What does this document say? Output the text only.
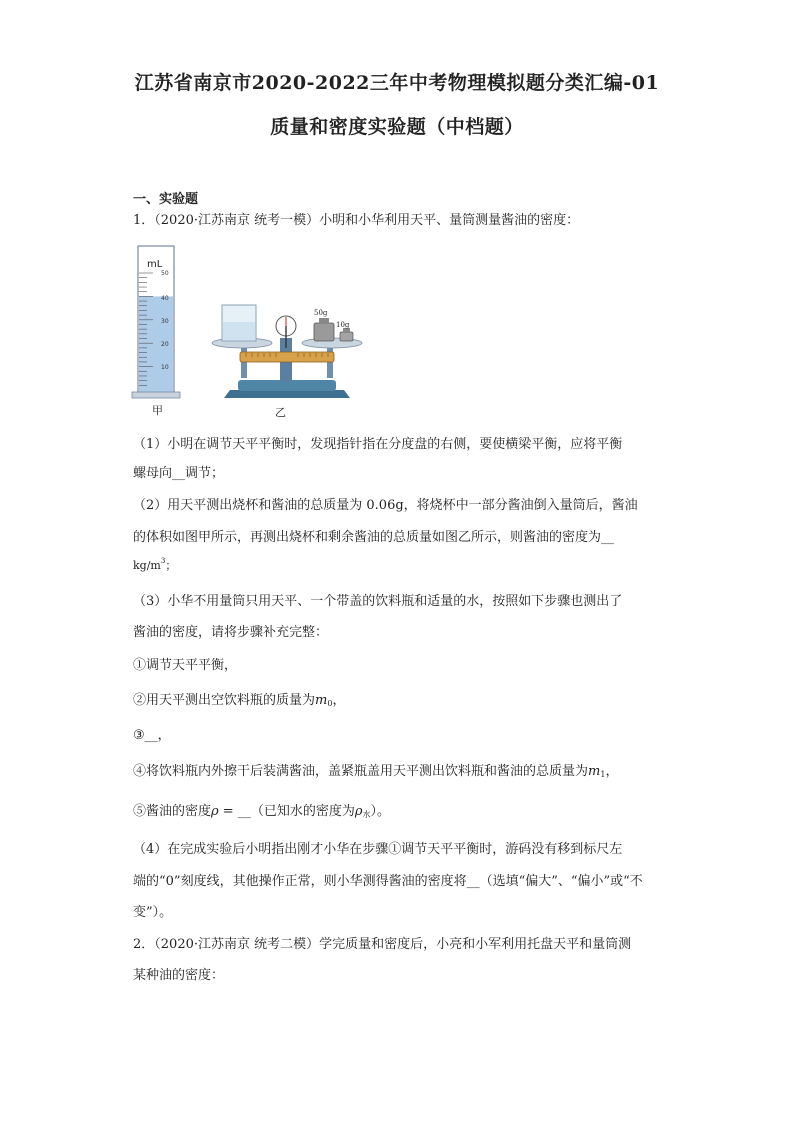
江苏省南京市2020-2022三年中考物理模拟题分类汇编-01
质量和密度实验题（中档题）
一、实验题
1．（2020·江苏南京 统考一模）小明和小华利用天平、量筒测量酱油的密度：
mL
50
40
30
20
10
50g
10g
甲	乙
（1）小明在调节天平平衡时，发现指针指在分度盘的右侧，要使横梁平衡，应将平衡
螺母向__调节；
（2）用天平测出烧杯和酱油的总质量为 0.06g，将烧杯中一部分酱油倒入量筒后，酱油
的体积如图甲所示，再测出烧杯和剩余酱油的总质量如图乙所示，则酱油的密度为__
$kg/m^3$；
（3）小华不用量筒只用天平、一个带盖的饮料瓶和适量的水，按照如下步骤也测出了
酱油的密度，请将步骤补充完整：
①调节天平平衡，
②用天平测出空饮料瓶的质量为$m_0$，
③__，
④将饮料瓶内外擦干后装满酱油，盖紧瓶盖用天平测出饮料瓶和酱油的总质量为$m_1$，
⑤酱油的密度ρ = __（已知水的密度为$\rho_水$）。
（4）在完成实验后小明指出刚才小华在步骤①调节天平平衡时，游码没有移到标尺左
端的“0”刻度线，其他操作正常，则小华测得酱油的密度将__（选填“偏大”、“偏小”或“不
变”）。
2．（2020·江苏南京 统考二模）学完质量和密度后，小亮和小军利用托盘天平和量筒测
某种油的密度：
